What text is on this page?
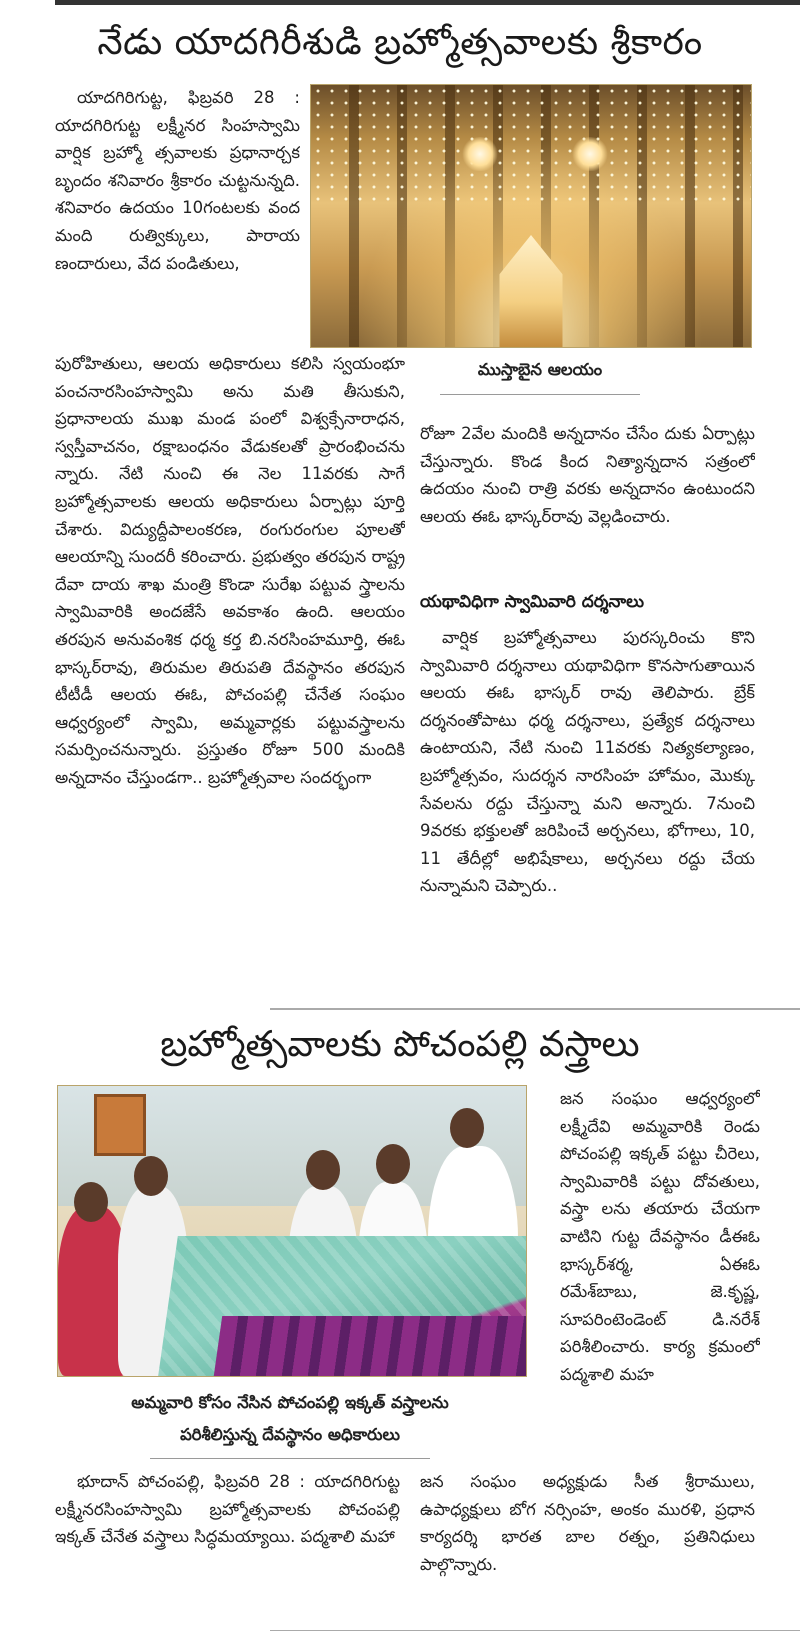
నేడు యాదగిరీశుడి బ్రహ్మోత్సవాలకు శ్రీకారం

యాదగిరిగుట్ట, ఫిబ్రవరి 28 : యాదగిరిగుట్ట లక్ష్మీనర సింహస్వామి వార్షిక బ్రహ్మో త్సవాలకు ప్రధానార్చక బృందం శనివారం శ్రీకారం చుట్టనున్నది. శనివారం ఉదయం 10గంటలకు వంద మంది రుత్విక్కులు, పారాయ ణందారులు, వేద పండితులు,

ముస్తాబైన ఆలయం

పురోహితులు, ఆలయ అధికారులు కలిసి స్వయంభూ పంచనారసింహస్వామి అను మతి తీసుకుని, ప్రధానాలయ ముఖ మండ పంలో విశ్వక్సేనారాధన, స్వస్తీవాచనం, రక్షాబంధనం వేడుకలతో ప్రారంభించను న్నారు. నేటి నుంచి ఈ నెల 11వరకు సాగే బ్రహ్మోత్సవాలకు ఆలయ అధికారులు ఏర్పాట్లు పూర్తి చేశారు. విద్యుద్దీపాలంకరణ, రంగురంగుల పూలతో ఆలయాన్ని సుందరీ కరించారు. ప్రభుత్వం తరపున రాష్ట్ర దేవా దాయ శాఖ మంత్రి కొండా సురేఖ పట్టువ స్త్రాలను స్వామివారికి అందజేసే అవకాశం ఉంది. ఆలయం తరపున అనువంశిక ధర్మ కర్త బి.నరసింహమూర్తి, ఈఓ భాస్కర్‌రావు, తిరుమల తిరుపతి దేవస్థానం తరపున టీటీడీ ఆలయ ఈఓ, పోచంపల్లి చేనేత సంఘం ఆధ్వర్యంలో స్వామి, అమ్మవార్లకు పట్టువస్త్రాలను సమర్పించనున్నారు. ప్రస్తుతం రోజూ 500 మందికి అన్నదానం చేస్తుండగా.. బ్రహ్మోత్సవాల సందర్భంగా

రోజూ 2వేల మందికి అన్నదానం చేసేం దుకు ఏర్పాట్లు చేస్తున్నారు. కొండ కింద నిత్యాన్నదాన సత్రంలో ఉదయం నుంచి రాత్రి వరకు అన్నదానం ఉంటుందని ఆలయ ఈఓ భాస్కర్‌రావు వెల్లడించారు.

యథావిధిగా స్వామివారి దర్శనాలు

వార్షిక బ్రహ్మోత్సవాలు పురస్కరించు కొని స్వామివారి దర్శనాలు యథావిధిగా కొనసాగుతాయిన ఆలయ ఈఓ భాస్కర్ రావు తెలిపారు. బ్రేక్ దర్శనంతోపాటు ధర్మ దర్శనాలు, ప్రత్యేక దర్శనాలు ఉంటాయని, నేటి నుంచి 11వరకు నిత్యకల్యాణం, బ్రహ్మోత్సవం, సుదర్శన నారసింహ హోమం, మొక్కు సేవలను రద్దు చేస్తున్నా మని అన్నారు. 7నుంచి 9వరకు భక్తులతో జరిపించే అర్చనలు, భోగాలు, 10, 11 తేదీల్లో అభిషేకాలు, అర్చనలు రద్దు చేయ నున్నామని చెప్పారు..

బ్రహ్మోత్సవాలకు పోచంపల్లి వస్త్రాలు

జన సంఘం ఆధ్వర్యంలో లక్ష్మీదేవి అమ్మవారికి రెండు పోచంపల్లి ఇక్కత్ పట్టు చీరెలు, స్వామివారికి పట్టు దోవతులు, వస్త్రా లను తయారు చేయగా వాటిని గుట్ట దేవస్థానం డీఈఓ భాస్కర్‌శర్మ, ఏఈఓ రమేశ్‌బాబు, జె.కృష్ణ, సూపరింటెండెంట్ డి.నరేశ్ పరిశీలించారు. కార్య క్రమంలో పద్మశాలి మహ

అమ్మవారి కోసం నేసిన పోచంపల్లి ఇక్కత్ వస్త్రాలను
పరిశీలిస్తున్న దేవస్థానం అధికారులు

భూదాన్ పోచంపల్లి, ఫిబ్రవరి 28 : యాదగిరిగుట్ట లక్ష్మీనరసింహస్వామి బ్రహ్మోత్సవాలకు పోచంపల్లి ఇక్కత్ చేనేత వస్త్రాలు సిద్ధమయ్యాయి. పద్మశాలి మహా

జన సంఘం అధ్యక్షుడు సీత శ్రీరాములు, ఉపాధ్యక్షులు బోగ నర్సింహ, అంకం మురళి, ప్రధాన కార్యదర్శి భారత బాల రత్నం, ప్రతినిధులు పాల్గొన్నారు.
